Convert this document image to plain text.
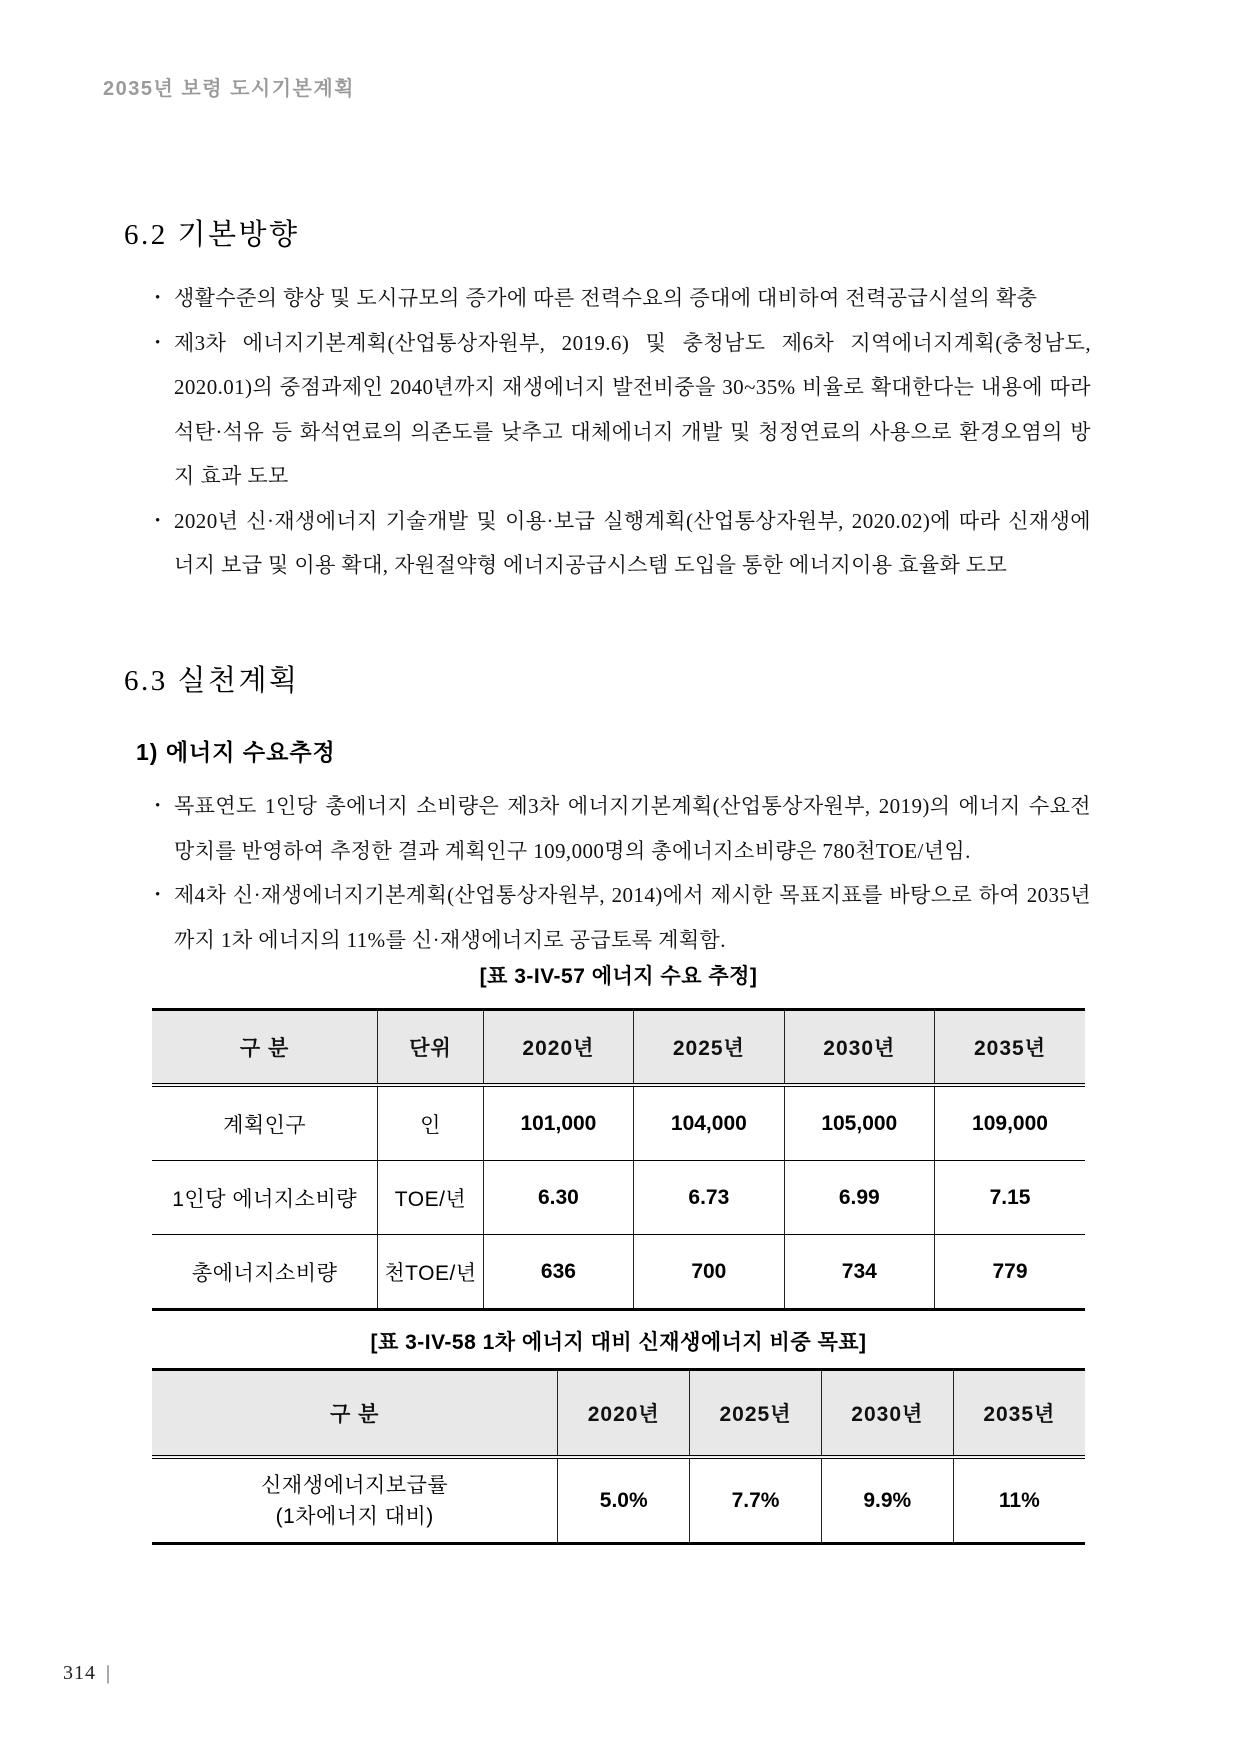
2035년 보령 도시기본계획
6.2 기본방향
• 생활수준의 향상 및 도시규모의 증가에 따른 전력수요의 증대에 대비하여 전력공급시설의 확충
• 제3차 에너지기본계획(산업통상자원부, 2019.6) 및 충청남도 제6차 지역에너지계획(충청남도, 2020.01)의 중점과제인 2040년까지 재생에너지 발전비중을 30~35% 비율로 확대한다는 내용에 따라 석탄·석유 등 화석연료의 의존도를 낮추고 대체에너지 개발 및 청정연료의 사용으로 환경오염의 방지 효과 도모
• 2020년 신·재생에너지 기술개발 및 이용·보급 실행계획(산업통상자원부, 2020.02)에 따라 신재생에너지 보급 및 이용 확대, 자원절약형 에너지공급시스템 도입을 통한 에너지이용 효율화 도모
6.3 실천계획
1) 에너지 수요추정
• 목표연도 1인당 총에너지 소비량은 제3차 에너지기본계획(산업통상자원부, 2019)의 에너지 수요전망치를 반영하여 추정한 결과 계획인구 109,000명의 총에너지소비량은 780천TOE/년임.
• 제4차 신·재생에너지기본계획(산업통상자원부, 2014)에서 제시한 목표지표를 바탕으로 하여 2035년까지 1차 에너지의 11%를 신·재생에너지로 공급토록 계획함.
[표 3-IV-57 에너지 수요 추정]
구 분	단위	2020년	2025년	2030년	2035년
계획인구	인	101,000	104,000	105,000	109,000
1인당 에너지소비량	TOE/년	6.30	6.73	6.99	7.15
총에너지소비량	천TOE/년	636	700	734	779
[표 3-IV-58 1차 에너지 대비 신재생에너지 비중 목표]
구 분	2020년	2025년	2030년	2035년

신재생에너지보급률
(1차에너지 대비)	5.0%	7.7%	9.9%	11%
314 |
